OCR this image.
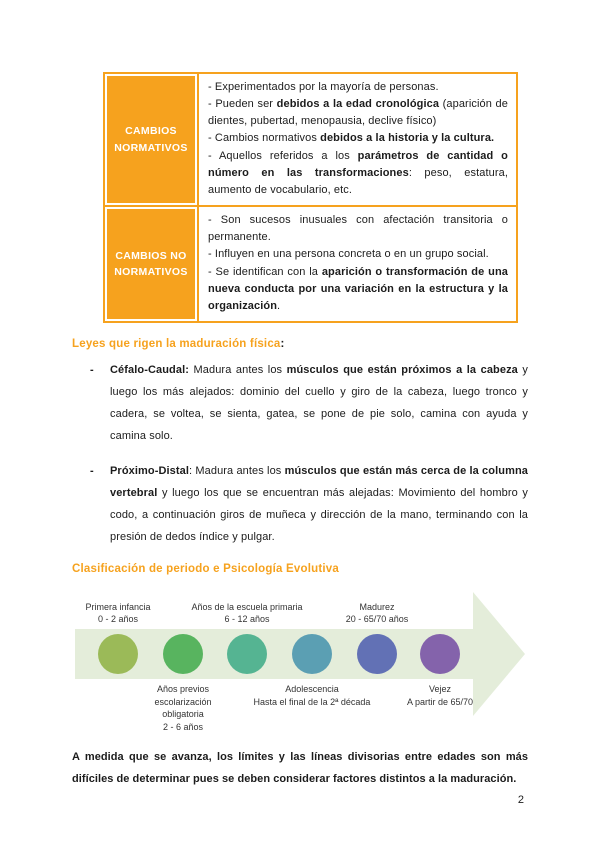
CAMBIOS NORMATIVOS	- Experimentados por la mayoría de personas.
- Pueden ser debidos a la edad cronológica (aparición de dientes, pubertad, menopausia, declive físico)
- Cambios normativos debidos a la historia y la cultura.
- Aquellos referidos a los parámetros de cantidad o número en las transformaciones: peso, estatura, aumento de vocabulario, etc.

CAMBIOS NO NORMATIVOS	- Son sucesos inusuales con afectación transitoria o permanente.
- Influyen en una persona concreta o en un grupo social.
- Se identifican con la aparición o transformación de una nueva conducta por una variación en la estructura y la organización.
Leyes que rigen la maduración física:
-	Céfalo-Caudal: Madura antes los músculos que están próximos a la cabeza y luego los más alejados: dominio del cuello y giro de la cabeza, luego tronco y cadera, se voltea, se sienta, gatea, se pone de pie solo, camina con ayuda y camina solo.
-	Próximo-Distal: Madura antes los músculos que están más cerca de la columna vertebral y luego los que se encuentran más alejadas: Movimiento del hombro y codo, a continuación giros de muñeca y dirección de la mano, terminando con la presión de dedos índice y pulgar.
Clasificación de periodo e Psicología Evolutiva
Primera infancia
0 - 2 años
Años previos escolarización obligatoria
2 - 6 años
Años de la escuela primaria
6 - 12 años
Adolescencia
Hasta el final de la 2ª década
Madurez
20 - 65/70 años
Vejez
A partir de 65/70
A medida que se avanza, los límites y las líneas divisorias entre edades son más difíciles de determinar pues se deben considerar factores distintos a la maduración.
2
